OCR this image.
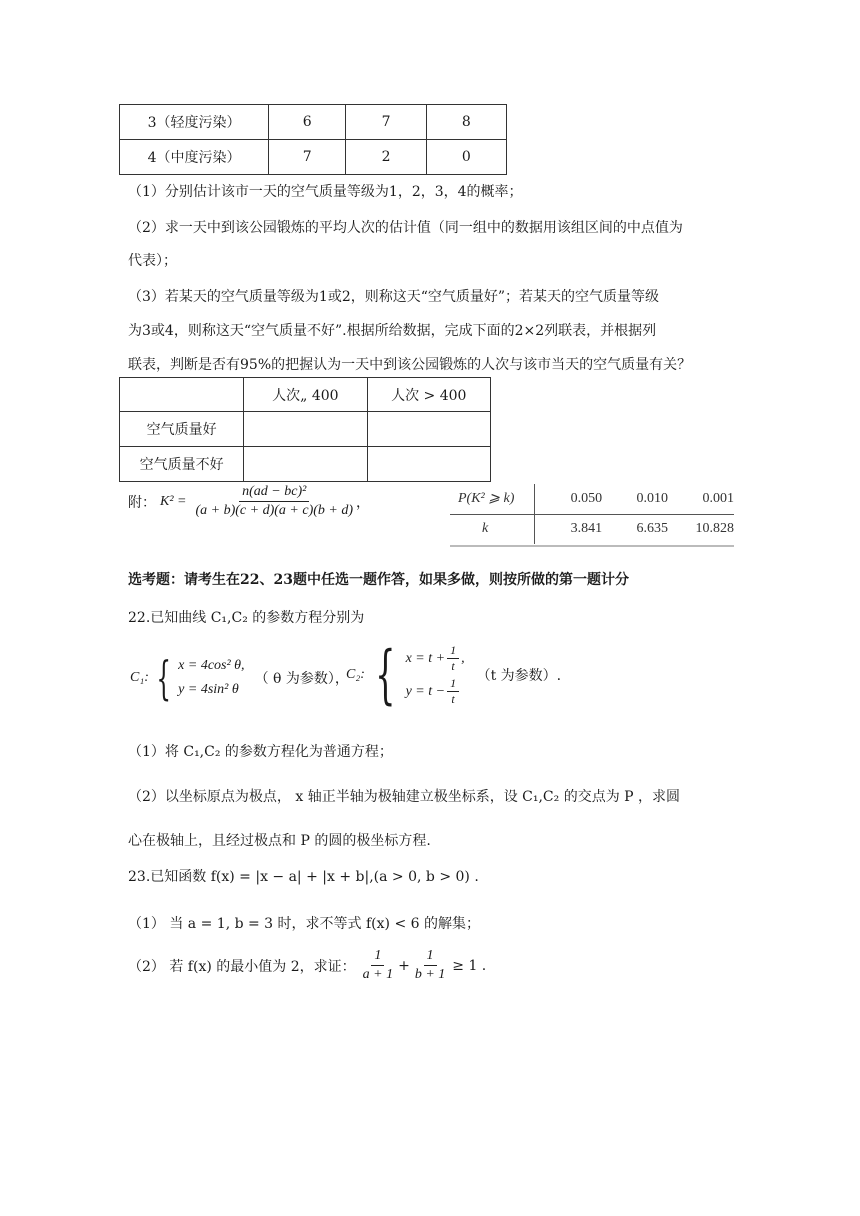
3（轻度污染）	6	7	8
4（中度污染）	7	2	0
（1）分别估计该市一天的空气质量等级为1，2，3，4的概率；
（2）求一天中到该公园锻炼的平均人次的估计值（同一组中的数据用该组区间的中点值为
代表）；
（3）若某天的空气质量等级为1或2，则称这天“空气质量好”；若某天的空气质量等级
为3或4，则称这天“空气质量不好”.根据所给数据，完成下面的2×2列联表，并根据列
联表，判断是否有95%的把握认为一天中到该公园锻炼的人次与该市当天的空气质量有关？
	人次„ 400	人次 > 400
空气质量好		
空气质量不好		
附： $K^2 = \frac{\text{n(ad − bc)²}}{(a + b)(c + d)(a + c)(b + d)}$ ，	P(K² ⩾ k)	0.050	0.010	0.001
k	3.841	6.635	10.828
选考题：请考生在22、23题中任选一题作答，如果多做，则按所做的第一题计分
22.已知曲线 C₁,C₂ 的参数方程分别为
C₁: { x = 4cos² θ,
y = 4sin² θ
（ θ 为参数），
C₂: { $x = t + \frac{1}{t}$ ,
$y = t - \frac{1}{t}$
（t 为参数）.
（1）将 C₁,C₂ 的参数方程化为普通方程；
（2）以坐标原点为极点， x 轴正半轴为极轴建立极坐标系，设 C₁,C₂ 的交点为 P ，求圆
心在极轴上，且经过极点和 P 的圆的极坐标方程.
23.已知函数 f(x) = |x − a| + |x + b|,(a > 0, b > 0) .
（1） 当 a = 1, b = 3 时，求不等式 f(x) < 6 的解集；
（2） 若 f(x) 的最小值为 2，求证： $\frac{1}{a + 1} + \frac{1}{b + 1} \ge 1$ .
